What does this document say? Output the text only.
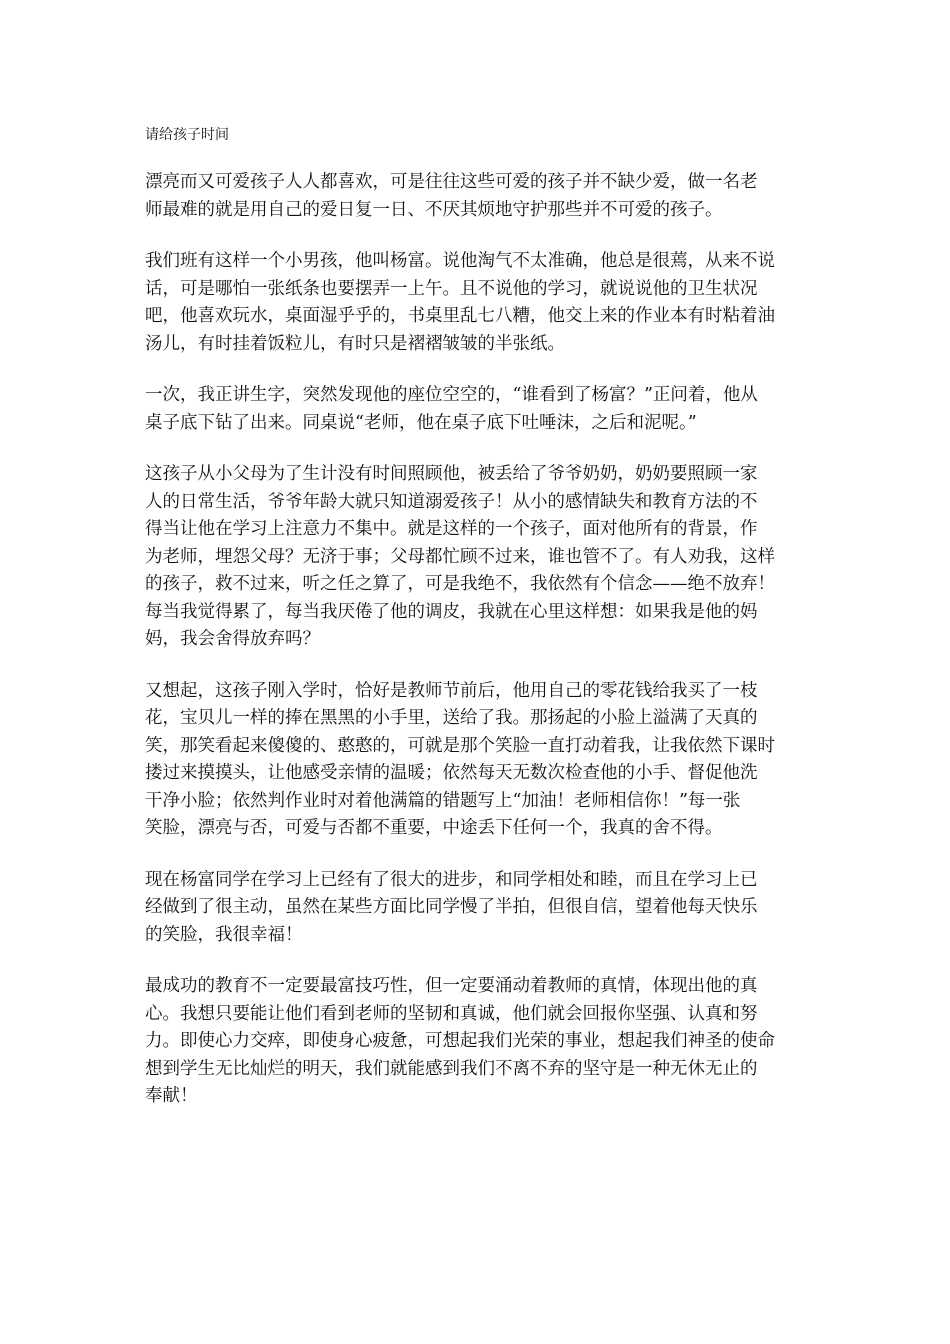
请给孩子时间

漂亮而又可爱孩子人人都喜欢，可是往往这些可爱的孩子并不缺少爱，做一名老
师最难的就是用自己的爱日复一日、不厌其烦地守护那些并不可爱的孩子。

我们班有这样一个小男孩，他叫杨富。说他淘气不太准确，他总是很蔫，从来不说
话，可是哪怕一张纸条也要摆弄一上午。且不说他的学习，就说说他的卫生状况
吧，他喜欢玩水，桌面湿乎乎的，书桌里乱七八糟，他交上来的作业本有时粘着油
汤儿，有时挂着饭粒儿，有时只是褶褶皱皱的半张纸。

一次，我正讲生字，突然发现他的座位空空的，“谁看到了杨富？”正问着，他从
桌子底下钻了出来。同桌说“老师，他在桌子底下吐唾沫，之后和泥呢。”

这孩子从小父母为了生计没有时间照顾他，被丢给了爷爷奶奶，奶奶要照顾一家
人的日常生活，爷爷年龄大就只知道溺爱孩子！从小的感情缺失和教育方法的不
得当让他在学习上注意力不集中。就是这样的一个孩子，面对他所有的背景，作
为老师，埋怨父母？无济于事；父母都忙顾不过来，谁也管不了。有人劝我，这样
的孩子，救不过来，听之任之算了，可是我绝不，我依然有个信念——绝不放弃！
每当我觉得累了，每当我厌倦了他的调皮，我就在心里这样想：如果我是他的妈
妈，我会舍得放弃吗？

又想起，这孩子刚入学时，恰好是教师节前后，他用自己的零花钱给我买了一枝
花，宝贝儿一样的捧在黑黑的小手里，送给了我。那扬起的小脸上溢满了天真的
笑，那笑看起来傻傻的、憨憨的，可就是那个笑脸一直打动着我，让我依然下课时
搂过来摸摸头，让他感受亲情的温暖；依然每天无数次检查他的小手、督促他洗
干净小脸；依然判作业时对着他满篇的错题写上“加油！老师相信你！”每一张
笑脸，漂亮与否，可爱与否都不重要，中途丢下任何一个，我真的舍不得。

现在杨富同学在学习上已经有了很大的进步，和同学相处和睦，而且在学习上已
经做到了很主动，虽然在某些方面比同学慢了半拍，但很自信，望着他每天快乐
的笑脸，我很幸福！

最成功的教育不一定要最富技巧性，但一定要涌动着教师的真情，体现出他的真
心。我想只要能让他们看到老师的坚韧和真诚，他们就会回报你坚强、认真和努
力。即使心力交瘁，即使身心疲惫，可想起我们光荣的事业，想起我们神圣的使命
想到学生无比灿烂的明天，我们就能感到我们不离不弃的坚守是一种无休无止的
奉献！
